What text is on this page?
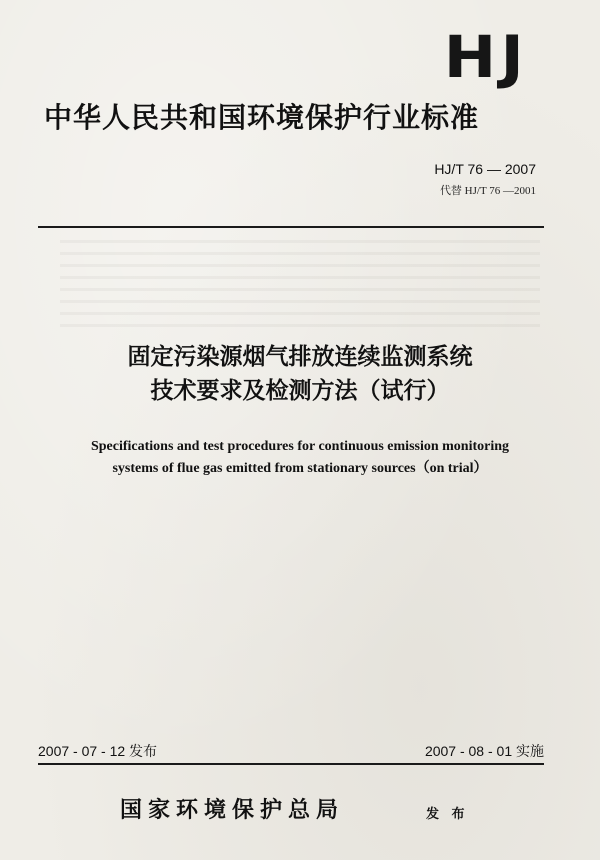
HJ
中华人民共和国环境保护行业标准
HJ/T 76 — 2007
代替 HJ/T 76 —2001
固定污染源烟气排放连续监测系统
技术要求及检测方法（试行）
Specifications and test procedures for continuous emission monitoring
systems of flue gas emitted from stationary sources（on trial）
2007 - 07 - 12 发布	2007 - 08 - 01 实施
国家环境保护总局	发 布
